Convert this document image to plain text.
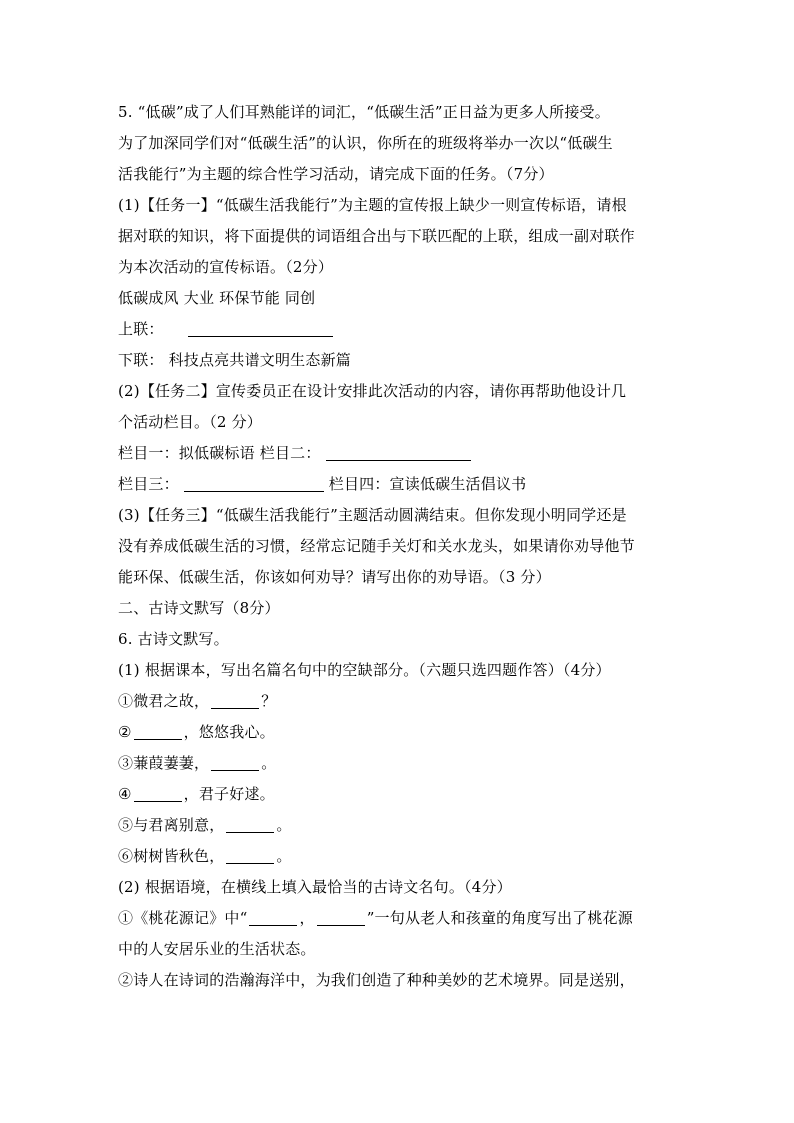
5. “低碳”成了人们耳熟能详的词汇，“低碳生活”正日益为更多人所接受。
为了加深同学们对“低碳生活”的认识，你所在的班级将举办一次以“低碳生
活我能行”为主题的综合性学习活动，请完成下面的任务。（7分）
(1)【任务一】“低碳生活我能行”为主题的宣传报上缺少一则宣传标语，请根
据对联的知识，将下面提供的词语组合出与下联匹配的上联，组成一副对联作
为本次活动的宣传标语。（2分）
低碳成风 大业 环保节能 同创
上联：
下联： 科技点亮共谱文明生态新篇
(2)【任务二】宣传委员正在设计安排此次活动的内容，请你再帮助他设计几
个活动栏目。（2 分）
栏目一：拟低碳标语 栏目二：
栏目三：	栏目四：宣读低碳生活倡议书
(3)【任务三】“低碳生活我能行”主题活动圆满结束。但你发现小明同学还是
没有养成低碳生活的习惯，经常忘记随手关灯和关水龙头，如果请你劝导他节
能环保、低碳生活，你该如何劝导？请写出你的劝导语。（3 分）
二、古诗文默写（8分）
6. 古诗文默写。
(1) 根据课本，写出名篇名句中的空缺部分。（六题只选四题作答）（4分）
①微君之故，	？
②	，悠悠我心。
③蒹葭萋萋，	。
④	，君子好逑。
⑤与君离别意，	。
⑥树树皆秋色，	。
(2) 根据语境，在横线上填入最恰当的古诗文名句。（4分）
①《桃花源记》中“	，	”一句从老人和孩童的角度写出了桃花源
中的人安居乐业的生活状态。
②诗人在诗词的浩瀚海洋中，为我们创造了种种美妙的艺术境界。同是送别，
